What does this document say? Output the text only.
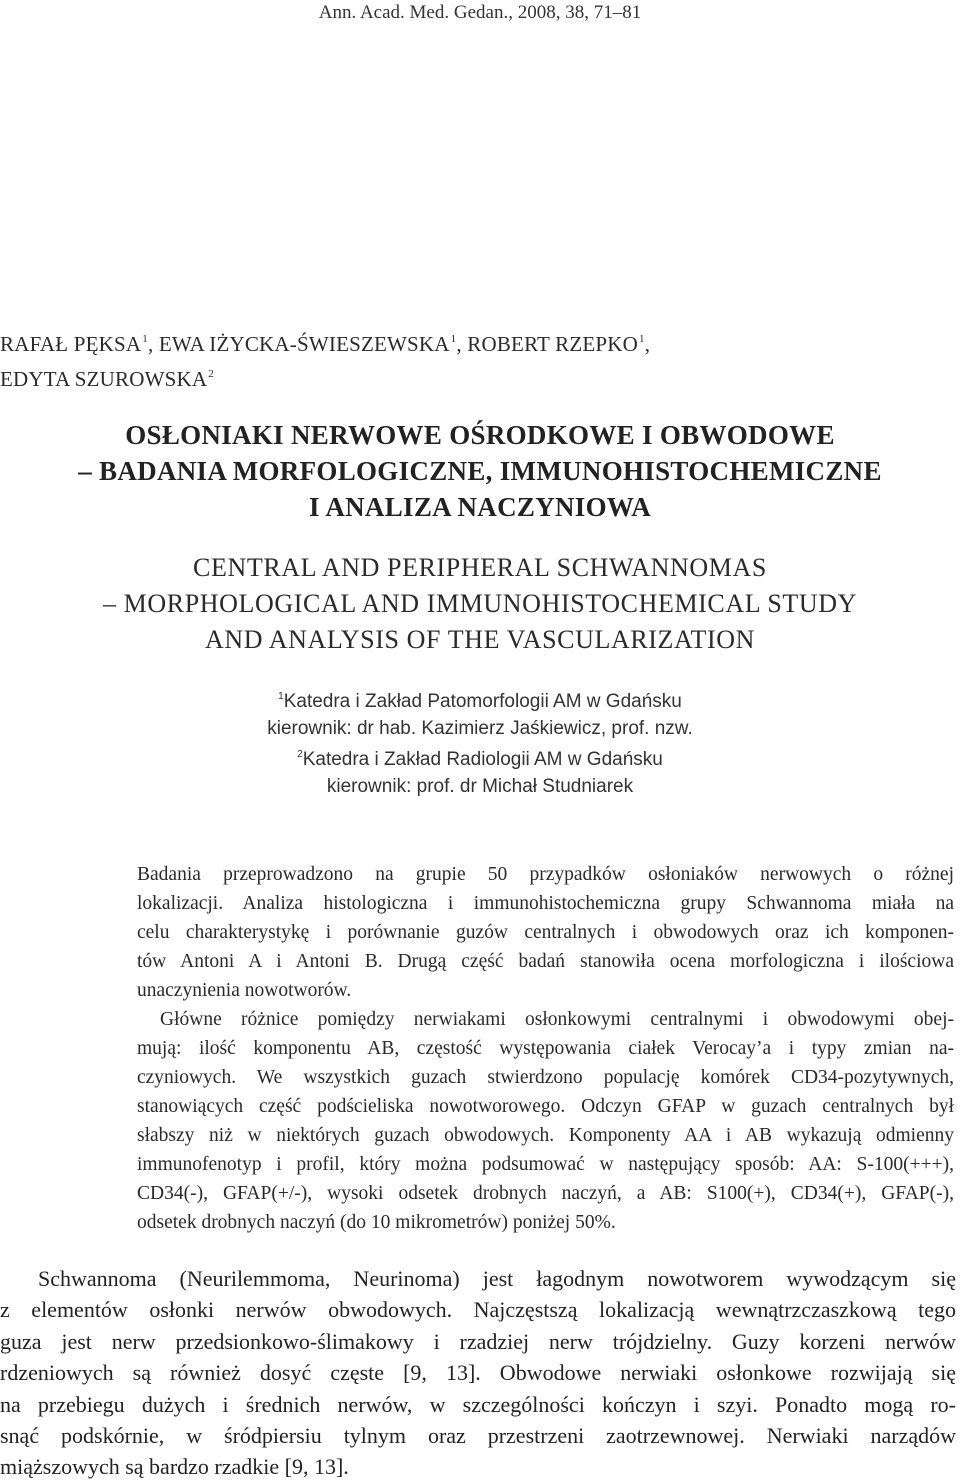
Ann. Acad. Med. Gedan., 2008, 38, 71–81
RAFAŁ PĘKSA$^1$, EWA IŻYCKA-ŚWIESZEWSKA$^1$, ROBERT RZEPKO$^1$,
EDYTA SZUROWSKA$^2$
OSŁONIAKI NERWOWE OŚRODKOWE I OBWODOWE
– BADANIA MORFOLOGICZNE, IMMUNOHISTOCHEMICZNE
I ANALIZA NACZYNIOWA
CENTRAL AND PERIPHERAL SCHWANNOMAS
– MORPHOLOGICAL AND IMMUNOHISTOCHEMICAL STUDY
AND ANALYSIS OF THE VASCULARIZATION
$^1$Katedra i Zakład Patomorfologii AM w Gdańsku
kierownik: dr hab. Kazimierz Jaśkiewicz, prof. nzw.
$^2$Katedra i Zakład Radiologii AM w Gdańsku
kierownik: prof. dr Michał Studniarek
Badania przeprowadzono na grupie 50 przypadków osłoniaków nerwowych o różnej
lokalizacji. Analiza histologiczna i immunohistochemiczna grupy Schwannoma miała na
celu charakterystykę i porównanie guzów centralnych i obwodowych oraz ich komponen-
tów Antoni A i Antoni B. Drugą część badań stanowiła ocena morfologiczna i ilościowa
unaczynienia nowotworów.
Główne różnice pomiędzy nerwiakami osłonkowymi centralnymi i obwodowymi obej-
mują: ilość komponentu AB, częstość występowania ciałek Verocay’a i typy zmian na-
czyniowych. We wszystkich guzach stwierdzono populację komórek CD34-pozytywnych,
stanowiących część podścieliska nowotworowego. Odczyn GFAP w guzach centralnych był
słabszy niż w niektórych guzach obwodowych. Komponenty AA i AB wykazują odmienny
immunofenotyp i profil, który można podsumować w następujący sposób: AA: S-100(+++),
CD34(-), GFAP(+/-), wysoki odsetek drobnych naczyń, a AB: S100(+), CD34(+), GFAP(-),
odsetek drobnych naczyń (do 10 mikrometrów) poniżej 50%.
Schwannoma (Neurilemmoma, Neurinoma) jest łagodnym nowotworem wywodzącym się
z elementów osłonki nerwów obwodowych. Najczęstszą lokalizacją wewnątrzczaszkową tego
guza jest nerw przedsionkowo-ślimakowy i rzadziej nerw trójdzielny. Guzy korzeni nerwów
rdzeniowych są również dosyć częste [9, 13]. Obwodowe nerwiaki osłonkowe rozwijają się
na przebiegu dużych i średnich nerwów, w szczególności kończyn i szyi. Ponadto mogą ro-
snąć podskórnie, w śródpiersiu tylnym oraz przestrzeni zaotrzewnowej. Nerwiaki narządów
miąższowych są bardzo rzadkie [9, 13].
